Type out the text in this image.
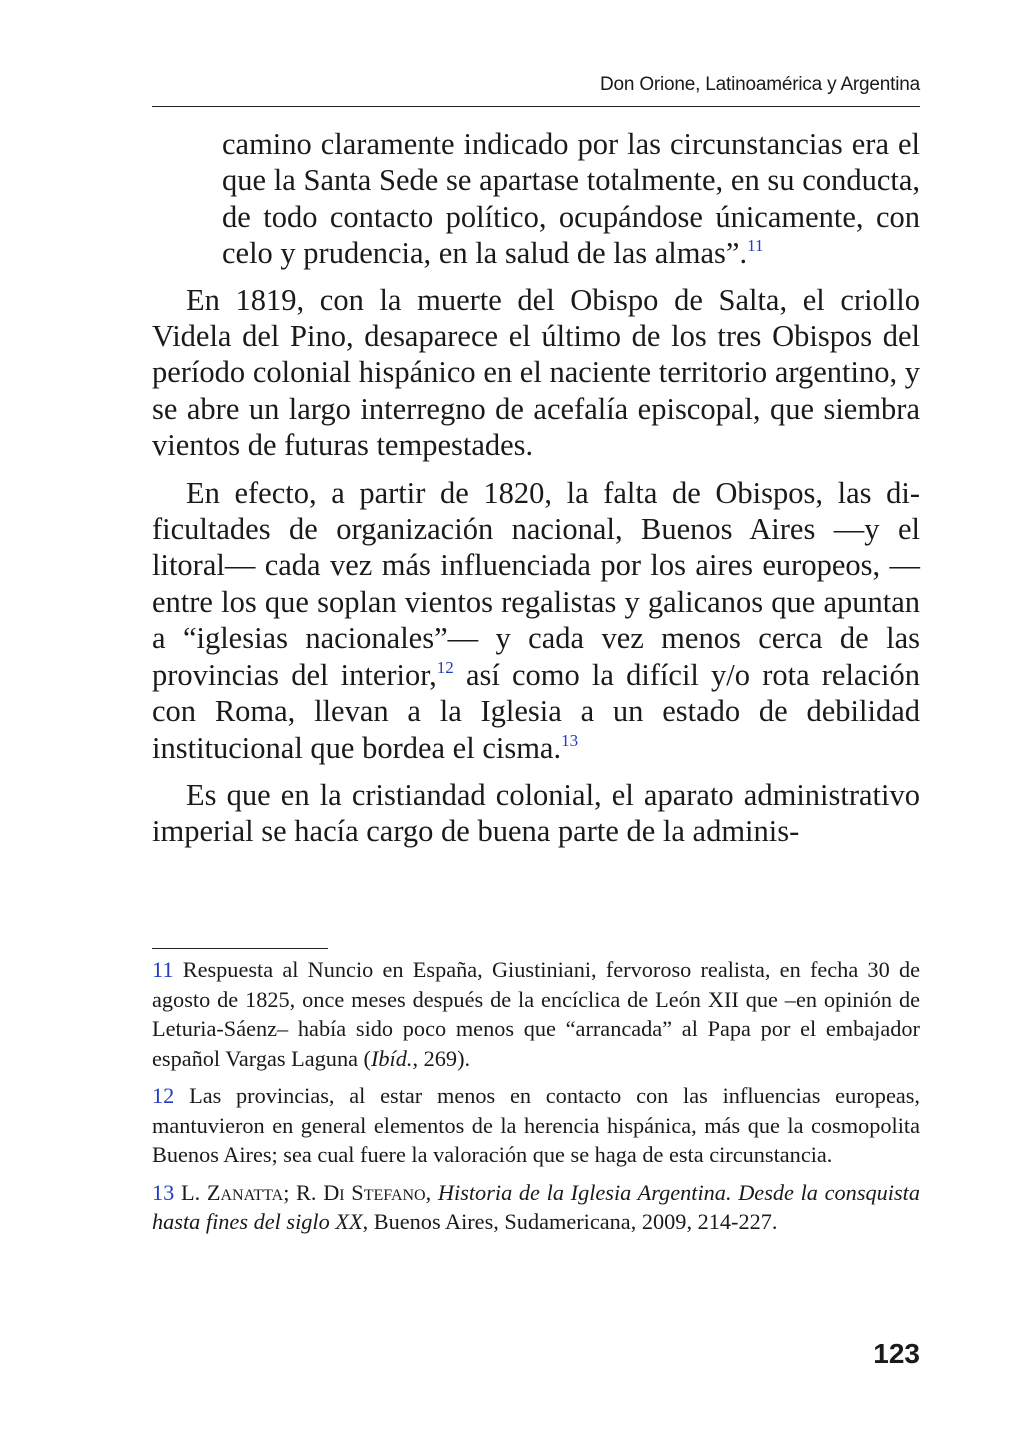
Don Orione, Latinoamérica y Argentina

camino claramente indicado por las circunstancias era el que la Santa Sede se apartase totalmente, en su conducta, de todo contacto político, ocupándose únicamente, con celo y prudencia, en la salud de las almas”.$^{11}$

En 1819, con la muerte del Obispo de Salta, el criollo Videla del Pino, desaparece el último de los tres Obispos del período colonial hispánico en el naciente territorio argentino, y se abre un largo interregno de acefalía episcopal, que siembra vientos de futuras tempestades.

En efecto, a partir de 1820, la falta de Obispos, las dificultades de organización nacional, Buenos Aires —y el litoral— cada vez más influenciada por los aires europeos, —entre los que soplan vientos regalistas y galicanos que apuntan a “iglesias nacionales”— y cada vez menos cerca de las provincias del interior,$^{12}$ así como la difícil y/o rota relación con Roma, llevan a la Iglesia a un estado de debilidad institucional que bordea el cisma.$^{13}$

Es que en la cristiandad colonial, el aparato administrativo imperial se hacía cargo de buena parte de la adminis-

11 Respuesta al Nuncio en España, Giustiniani, fervoroso realista, en fecha 30 de agosto de 1825, once meses después de la encíclica de León XII que –en opinión de Leturia-Sáenz– había sido poco menos que “arrancada” al Papa por el embajador español Vargas Laguna (Ibíd., 269).

12 Las provincias, al estar menos en contacto con las influencias europeas, mantuvieron en general elementos de la herencia hispánica, más que la cosmopolita Buenos Aires; sea cual fuere la valoración que se haga de esta circunstancia.

13 L. Zanatta; R. Di Stefano, Historia de la Iglesia Argentina. Desde la consquista hasta fines del siglo XX, Buenos Aires, Sudamericana, 2009, 214-227.

123
